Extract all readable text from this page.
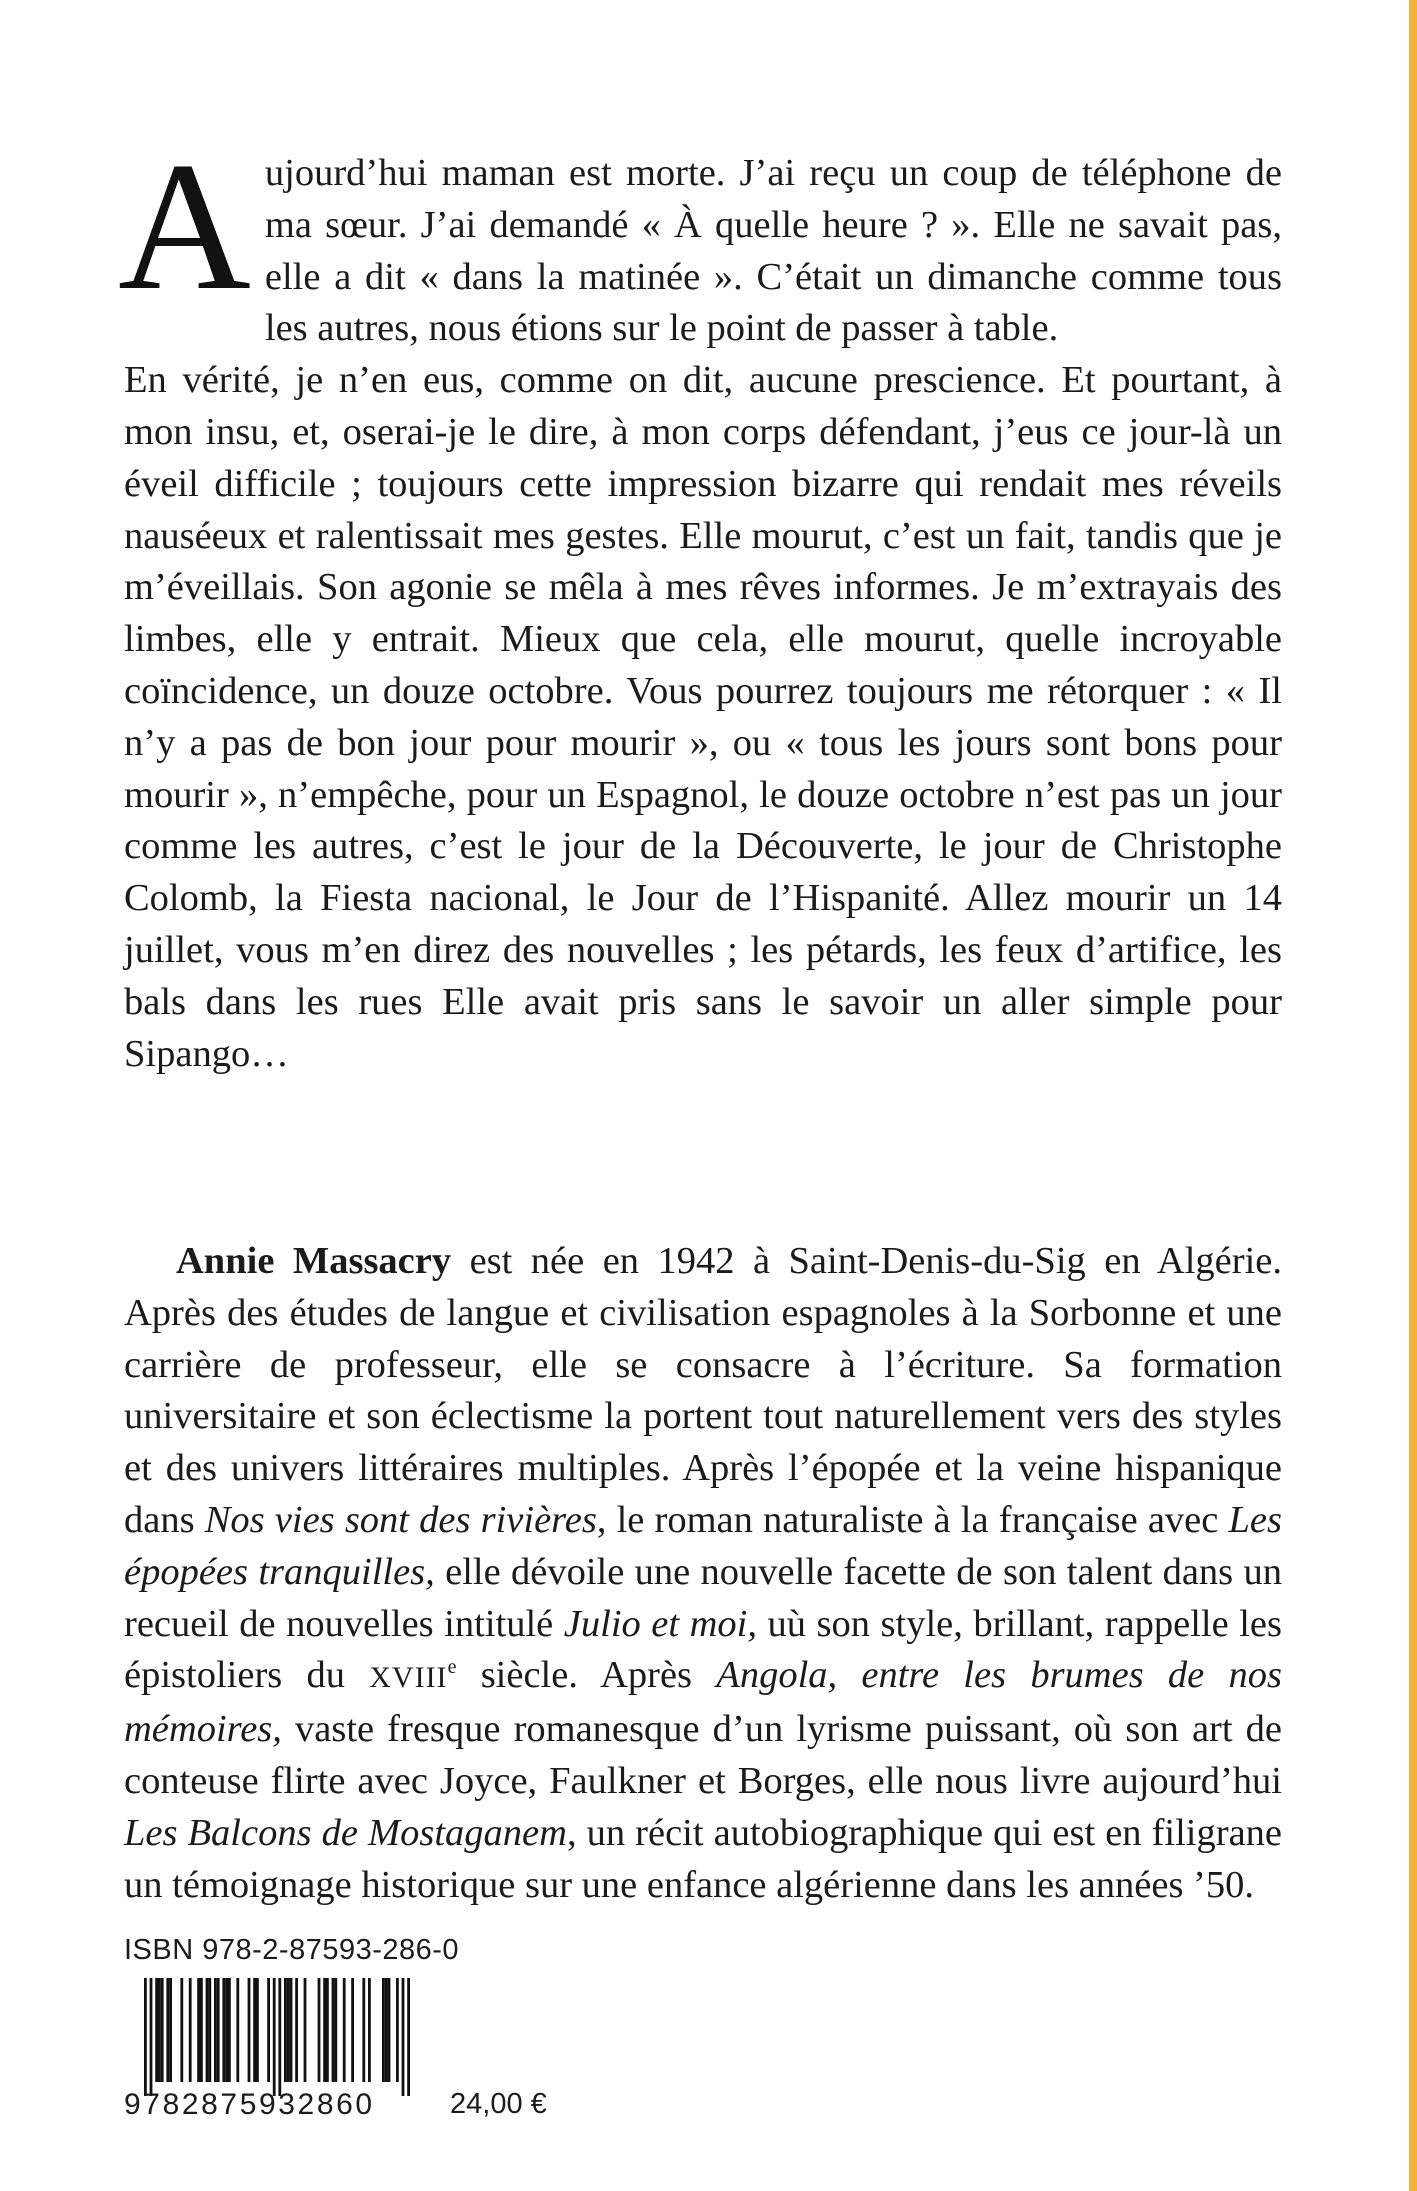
Aujourd’hui maman est morte. J’ai reçu un coup de téléphone de ma sœur. J’ai demandé « À quelle heure ? ». Elle ne savait pas, elle a dit « dans la matinée ». C’était un dimanche comme tous les autres, nous étions sur le point de passer à table.

En vérité, je n’en eus, comme on dit, aucune prescience. Et pourtant, à mon insu, et, oserai-je le dire, à mon corps défendant, j’eus ce jour-là un éveil difficile ; toujours cette impression bizarre qui rendait mes réveils nauséeux et ralentissait mes gestes. Elle mourut, c’est un fait, tandis que je m’éveillais. Son agonie se mêla à mes rêves informes. Je m’extrayais des limbes, elle y entrait. Mieux que cela, elle mourut, quelle incroyable coïncidence, un douze octobre. Vous pourrez toujours me rétorquer : « Il n’y a pas de bon jour pour mourir », ou « tous les jours sont bons pour mourir », n’empêche, pour un Espagnol, le douze octobre n’est pas un jour comme les autres, c’est le jour de la Découverte, le jour de Christophe Colomb, la Fiesta nacional, le Jour de l’Hispanité. Allez mourir un 14 juillet, vous m’en direz des nouvelles ; les pétards, les feux d’artifice, les bals dans les rues Elle avait pris sans le savoir un aller simple pour Sipango…

Annie Massacry est née en 1942 à Saint-Denis-du-Sig en Algérie. Après des études de langue et civilisation espagnoles à la Sorbonne et une carrière de professeur, elle se consacre à l’écriture. Sa formation universitaire et son éclectisme la portent tout naturellement vers des styles et des univers littéraires multiples. Après l’épopée et la veine hispanique dans Nos vies sont des rivières, le roman naturaliste à la française avec Les épopées tranquilles, elle dévoile une nouvelle facette de son talent dans un recueil de nouvelles intitulé Julio et moi, uù son style, brillant, rappelle les épistoliers du XVIIIe siècle. Après Angola, entre les brumes de nos mémoires, vaste fresque romanesque d’un lyrisme puissant, où son art de conteuse flirte avec Joyce, Faulkner et Borges, elle nous livre aujourd’hui Les Balcons de Mostaganem, un récit autobiographique qui est en filigrane un témoignage historique sur une enfance algérienne dans les années ’50.

ISBN 978-2-87593-286-0
9782875932860	24,00 €
